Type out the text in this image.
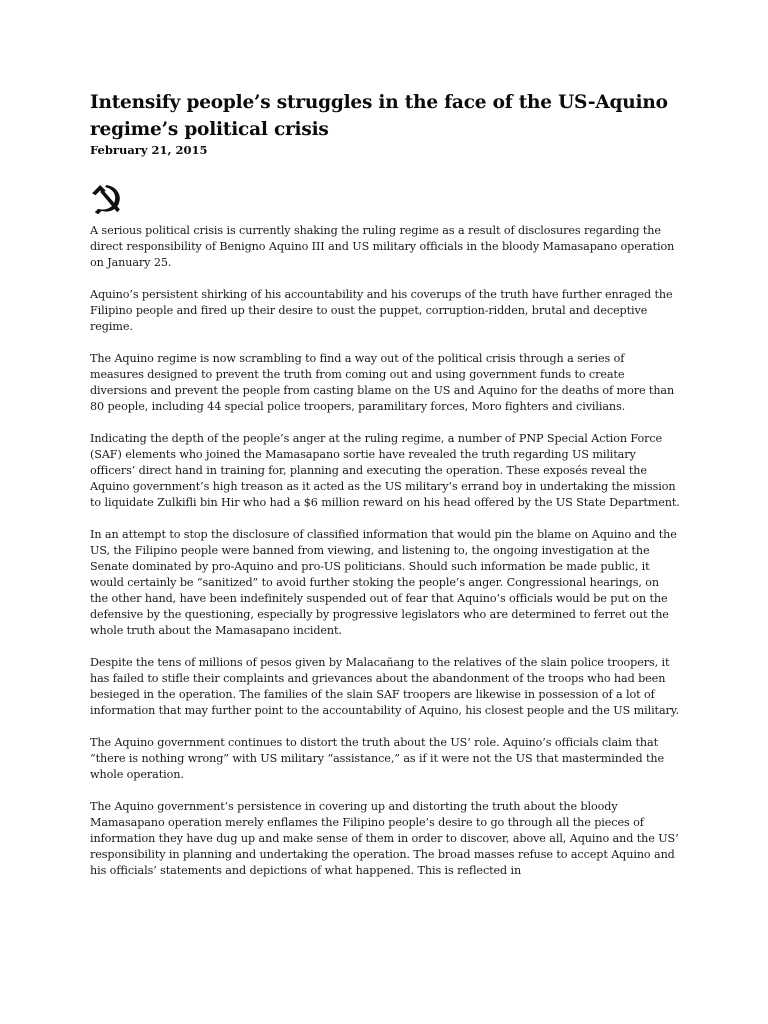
Intensify people’s struggles in the face of the US-Aquino regime’s political crisis

February 21, 2015

A serious political crisis is currently shaking the ruling regime as a result of disclosures regarding the direct responsibility of Benigno Aquino III and US military officials in the bloody Mamasapano operation on January 25.

Aquino’s persistent shirking of his accountability and his coverups of the truth have further enraged the Filipino people and fired up their desire to oust the puppet, corruption-ridden, brutal and deceptive regime.

The Aquino regime is now scrambling to find a way out of the political crisis through a series of measures designed to prevent the truth from coming out and using government funds to create diversions and prevent the people from casting blame on the US and Aquino for the deaths of more than 80 people, including 44 special police troopers, paramilitary forces, Moro fighters and civilians.

Indicating the depth of the people’s anger at the ruling regime, a number of PNP Special Action Force (SAF) elements who joined the Mamasapano sortie have revealed the truth regarding US military officers’ direct hand in training for, planning and executing the operation. These exposés reveal the Aquino government’s high treason as it acted as the US military’s errand boy in undertaking the mission to liquidate Zulkifli bin Hir who had a $6 million reward on his head offered by the US State Department.

In an attempt to stop the disclosure of classified information that would pin the blame on Aquino and the US, the Filipino people were banned from viewing, and listening to, the ongoing investigation at the Senate dominated by pro-Aquino and pro-US politicians. Should such information be made public, it would certainly be “sanitized” to avoid further stoking the people’s anger. Congressional hearings, on the other hand, have been indefinitely suspended out of fear that Aquino’s officials would be put on the defensive by the questioning, especially by progressive legislators who are determined to ferret out the whole truth about the Mamasapano incident.

Despite the tens of millions of pesos given by Malacañang to the relatives of the slain police troopers, it has failed to stifle their complaints and grievances about the abandonment of the troops who had been besieged in the operation. The families of the slain SAF troopers are likewise in possession of a lot of information that may further point to the accountability of Aquino, his closest people and the US military.

The Aquino government continues to distort the truth about the US’ role. Aquino’s officials claim that “there is nothing wrong” with US military “assistance,” as if it were not the US that masterminded the whole operation.

The Aquino government’s persistence in covering up and distorting the truth about the bloody Mamasapano operation merely enflames the Filipino people’s desire to go through all the pieces of information they have dug up and make sense of them in order to discover, above all, Aquino and the US’ responsibility in planning and undertaking the operation. The broad masses refuse to accept Aquino and his officials’ statements and depictions of what happened. This is reflected in
